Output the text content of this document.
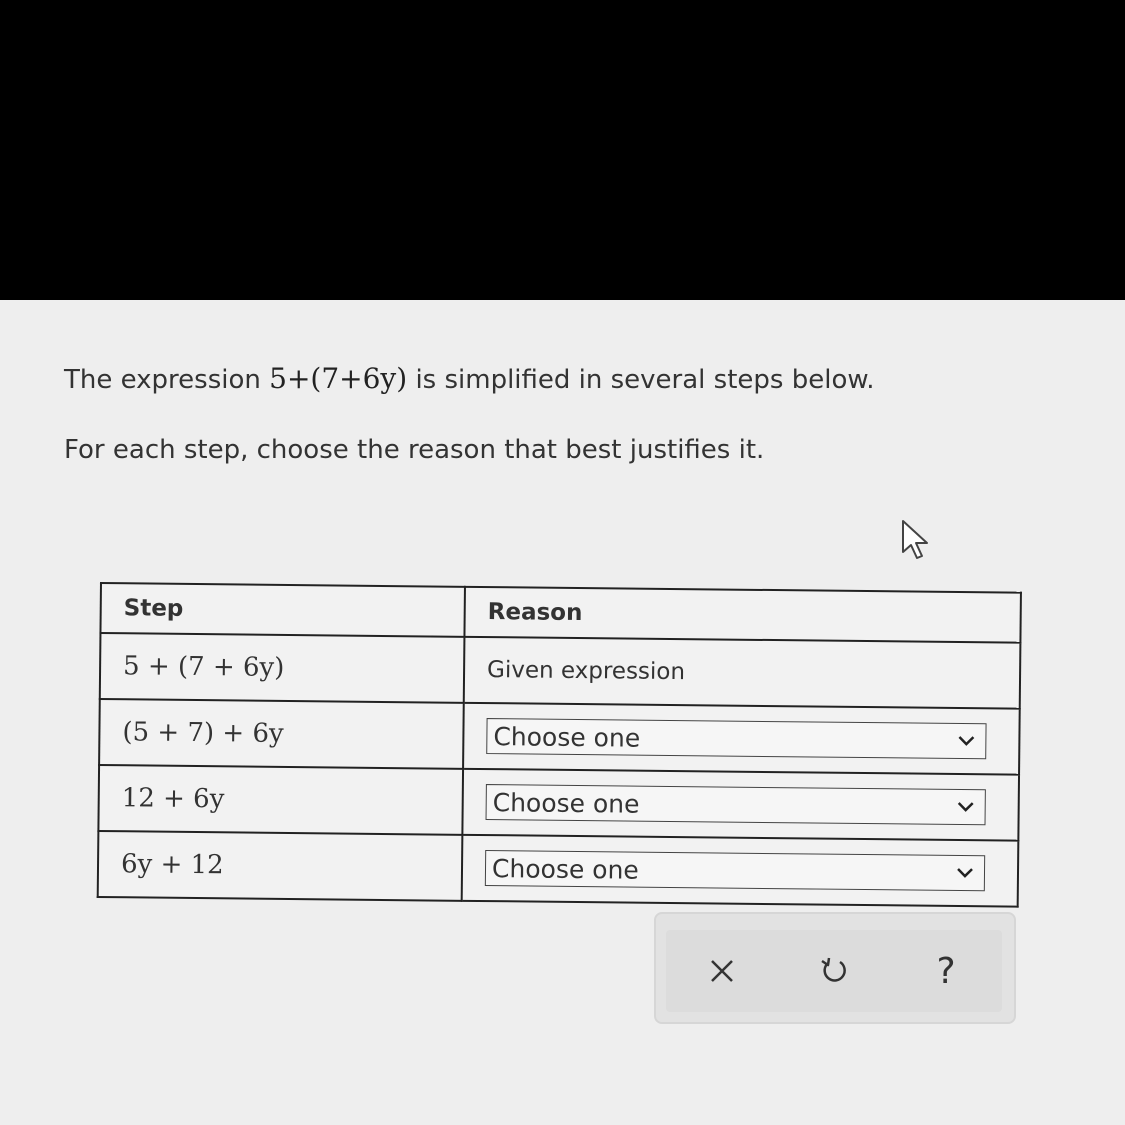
The expression 5+(7+6y) is simplified in several steps below.
For each step, choose the reason that best justifies it.
Step	Reason
5 + (7 + 6y)	Given expression
(5 + 7) + 6y	Choose one

12 + 6y	Choose one

6y + 12	Choose one
?
